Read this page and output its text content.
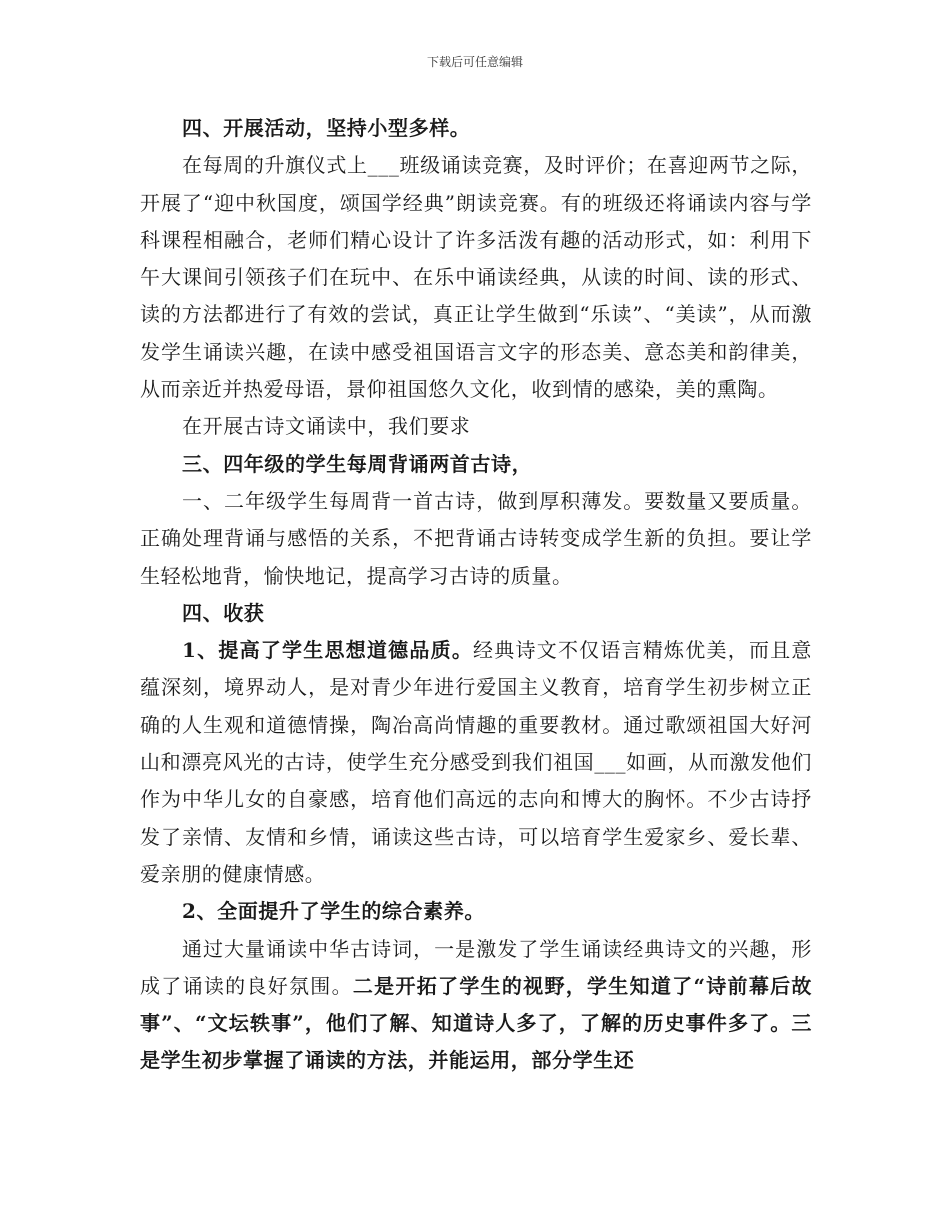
下载后可任意编辑

四、开展活动，坚持小型多样。

在每周的升旗仪式上___班级诵读竞赛，及时评价；在喜迎两节之际，开展了“迎中秋国度，颂国学经典”朗读竞赛。有的班级还将诵读内容与学科课程相融合，老师们精心设计了许多活泼有趣的活动形式，如：利用下午大课间引领孩子们在玩中、在乐中诵读经典，从读的时间、读的形式、读的方法都进行了有效的尝试，真正让学生做到“乐读”、“美读”，从而激发学生诵读兴趣，在读中感受祖国语言文字的形态美、意态美和韵律美，从而亲近并热爱母语，景仰祖国悠久文化，收到情的感染，美的熏陶。

在开展古诗文诵读中，我们要求

三、四年级的学生每周背诵两首古诗，

一、二年级学生每周背一首古诗，做到厚积薄发。要数量又要质量。正确处理背诵与感悟的关系，不把背诵古诗转变成学生新的负担。要让学生轻松地背，愉快地记，提高学习古诗的质量。

四、收获

1、提高了学生思想道德品质。经典诗文不仅语言精炼优美，而且意蕴深刻，境界动人，是对青少年进行爱国主义教育，培育学生初步树立正确的人生观和道德情操，陶冶高尚情趣的重要教材。通过歌颂祖国大好河山和漂亮风光的古诗，使学生充分感受到我们祖国___如画，从而激发他们作为中华儿女的自豪感，培育他们高远的志向和博大的胸怀。不少古诗抒发了亲情、友情和乡情，诵读这些古诗，可以培育学生爱家乡、爱长辈、爱亲朋的健康情感。

2、全面提升了学生的综合素养。

通过大量诵读中华古诗词，一是激发了学生诵读经典诗文的兴趣，形成了诵读的良好氛围。二是开拓了学生的视野，学生知道了“诗前幕后故事”、“文坛轶事”，他们了解、知道诗人多了，了解的历史事件多了。三是学生初步掌握了诵读的方法，并能运用，部分学生还
